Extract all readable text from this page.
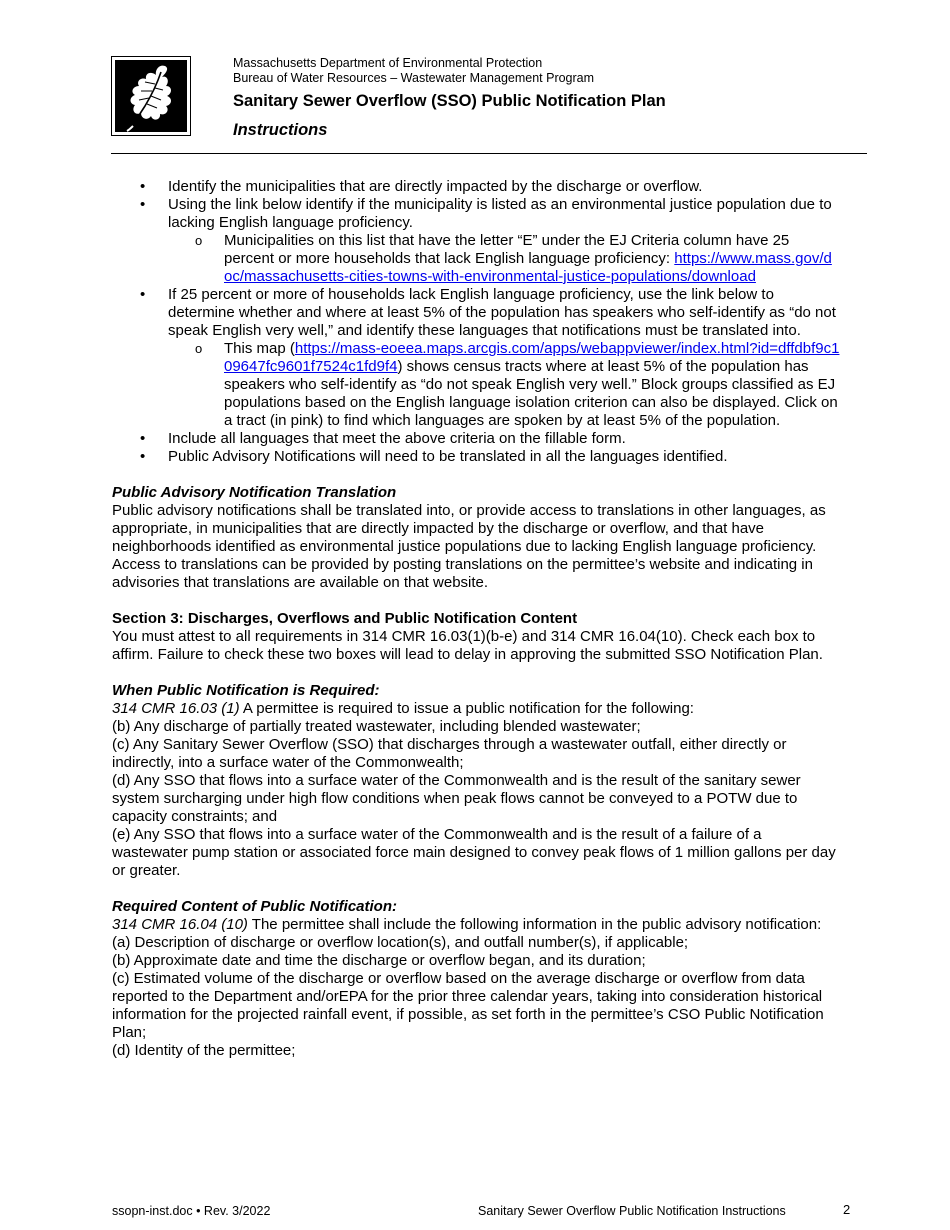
Massachusetts Department of Environmental Protection
Bureau of Water Resources – Wastewater Management Program
Sanitary Sewer Overflow (SSO) Public Notification Plan
Instructions
• Identify the municipalities that are directly impacted by the discharge or overflow.
• Using the link below identify if the municipality is listed as an environmental justice population due to lacking English language proficiency.
o Municipalities on this list that have the letter “E” under the EJ Criteria column have 25 percent or more households that lack English language proficiency: https://www.mass.gov/doc/massachusetts-cities-towns-with-environmental-justice-populations/download
• If 25 percent or more of households lack English language proficiency, use the link below to determine whether and where at least 5% of the population has speakers who self-identify as “do not speak English very well,” and identify these languages that notifications must be translated into.
o This map (https://mass-eoeea.maps.arcgis.com/apps/webappviewer/index.html?id=dffdbf9c109647fc9601f7524c1fd9f4) shows census tracts where at least 5% of the population has speakers who self-identify as “do not speak English very well.” Block groups classified as EJ populations based on the English language isolation criterion can also be displayed. Click on a tract (in pink) to find which languages are spoken by at least 5% of the population.
• Include all languages that meet the above criteria on the fillable form.
• Public Advisory Notifications will need to be translated in all the languages identified.
Public Advisory Notification Translation

Public advisory notifications shall be translated into, or provide access to translations in other languages, as appropriate, in municipalities that are directly impacted by the discharge or overflow, and that have neighborhoods identified as environmental justice populations due to lacking English language proficiency. Access to translations can be provided by posting translations on the permittee’s website and indicating in advisories that translations are available on that website.

Section 3: Discharges, Overflows and Public Notification Content

You must attest to all requirements in 314 CMR 16.03(1)(b-e) and 314 CMR 16.04(10). Check each box to affirm. Failure to check these two boxes will lead to delay in approving the submitted SSO Notification Plan.

When Public Notification is Required:

314 CMR 16.03 (1) A permittee is required to issue a public notification for the following:

(b) Any discharge of partially treated wastewater, including blended wastewater;

(c) Any Sanitary Sewer Overflow (SSO) that discharges through a wastewater outfall, either directly or indirectly, into a surface water of the Commonwealth;

(d) Any SSO that flows into a surface water of the Commonwealth and is the result of the sanitary sewer system surcharging under high flow conditions when peak flows cannot be conveyed to a POTW due to capacity constraints; and

(e) Any SSO that flows into a surface water of the Commonwealth and is the result of a failure of a wastewater pump station or associated force main designed to convey peak flows of 1 million gallons per day or greater.

Required Content of Public Notification:

314 CMR 16.04 (10) The permittee shall include the following information in the public advisory notification:

(a) Description of discharge or overflow location(s), and outfall number(s), if applicable;

(b) Approximate date and time the discharge or overflow began, and its duration;

(c) Estimated volume of the discharge or overflow based on the average discharge or overflow from data reported to the Department and/orEPA for the prior three calendar years, taking into consideration historical information for the projected rainfall event, if possible, as set forth in the permittee’s CSO Public Notification Plan;

(d) Identity of the permittee;

ssopn-inst.doc • Rev. 3/2022	Sanitary Sewer Overflow Public Notification Instructions	2
